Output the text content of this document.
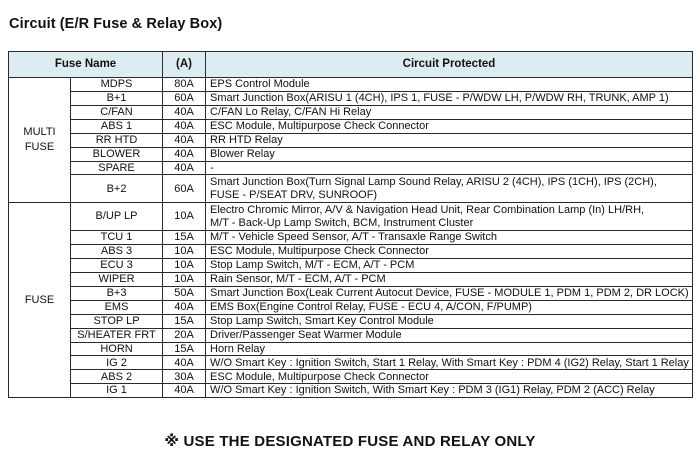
Circuit (E/R Fuse & Relay Box)
Fuse Name		(A)	Circuit Protected

MULTI
FUSE	MDPS	80A	EPS Control Module

	B+1	60A	Smart Junction Box(ARISU 1 (4CH), IPS 1, FUSE - P/WDW LH, P/WDW RH, TRUNK, AMP 1)

	C/FAN	40A	C/FAN Lo Relay, C/FAN Hi Relay

	ABS 1	40A	ESC Module, Multipurpose Check Connector

	RR HTD	40A	RR HTD Relay

	BLOWER	40A	Blower Relay

	SPARE	40A	-

	B+2	60A	Smart Junction Box(Turn Signal Lamp Sound Relay, ARISU 2 (4CH), IPS (1CH), IPS (2CH),
FUSE - P/SEAT DRV, SUNROOF)

FUSE	B/UP LP	10A	Electro Chromic Mirror, A/V & Navigation Head Unit, Rear Combination Lamp (In) LH/RH,
M/T - Back-Up Lamp Switch, BCM, Instrument Cluster

	TCU 1	15A	M/T - Vehicle Speed Sensor, A/T - Transaxle Range Switch

	ABS 3	10A	ESC Module, Multipurpose Check Connector

	ECU 3	10A	Stop Lamp Switch, M/T - ECM, A/T - PCM

	WIPER	10A	Rain Sensor, M/T - ECM, A/T - PCM

	B+3	50A	Smart Junction Box(Leak Current Autocut Device, FUSE - MODULE 1, PDM 1, PDM 2, DR LOCK)

	EMS	40A	EMS Box(Engine Control Relay, FUSE - ECU 4, A/CON, F/PUMP)

	STOP LP	15A	Stop Lamp Switch, Smart Key Control Module

	S/HEATER FRT	20A	Driver/Passenger Seat Warmer Module

	HORN	15A	Horn Relay

	IG 2	40A	W/O Smart Key : Ignition Switch, Start 1 Relay, With Smart Key : PDM 4 (IG2) Relay, Start 1 Relay

	ABS 2	30A	ESC Module, Multipurpose Check Connector

	IG 1	40A	W/O Smart Key : Ignition Switch, With Smart Key : PDM 3 (IG1) Relay, PDM 2 (ACC) Relay
※ USE THE DESIGNATED FUSE AND RELAY ONLY
